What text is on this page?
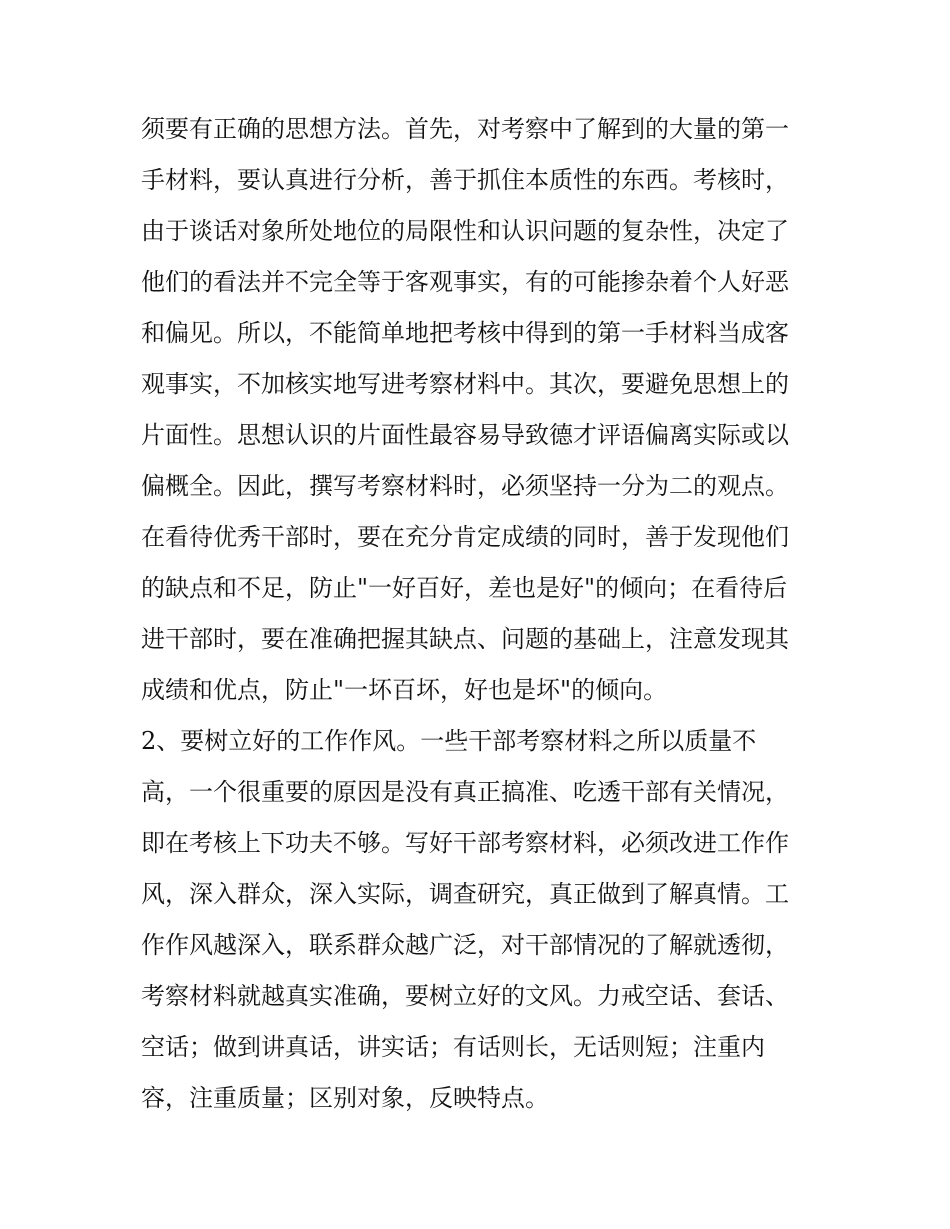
须要有正确的思想方法。首先，对考察中了解到的大量的第一
手材料，要认真进行分析，善于抓住本质性的东西。考核时，
由于谈话对象所处地位的局限性和认识问题的复杂性，决定了
他们的看法并不完全等于客观事实，有的可能掺杂着个人好恶
和偏见。所以，不能简单地把考核中得到的第一手材料当成客
观事实，不加核实地写进考察材料中。其次，要避免思想上的
片面性。思想认识的片面性最容易导致德才评语偏离实际或以
偏概全。因此，撰写考察材料时，必须坚持一分为二的观点。
在看待优秀干部时，要在充分肯定成绩的同时，善于发现他们
的缺点和不足，防止"一好百好，差也是好"的倾向；在看待后
进干部时，要在准确把握其缺点、问题的基础上，注意发现其
成绩和优点，防止"一坏百坏，好也是坏"的倾向。
2、要树立好的工作作风。一些干部考察材料之所以质量不
高，一个很重要的原因是没有真正搞准、吃透干部有关情况，
即在考核上下功夫不够。写好干部考察材料，必须改进工作作
风，深入群众，深入实际，调查研究，真正做到了解真情。工
作作风越深入，联系群众越广泛，对干部情况的了解就透彻，
考察材料就越真实准确，要树立好的文风。力戒空话、套话、
空话；做到讲真话，讲实话；有话则长，无话则短；注重内
容，注重质量；区别对象，反映特点。
